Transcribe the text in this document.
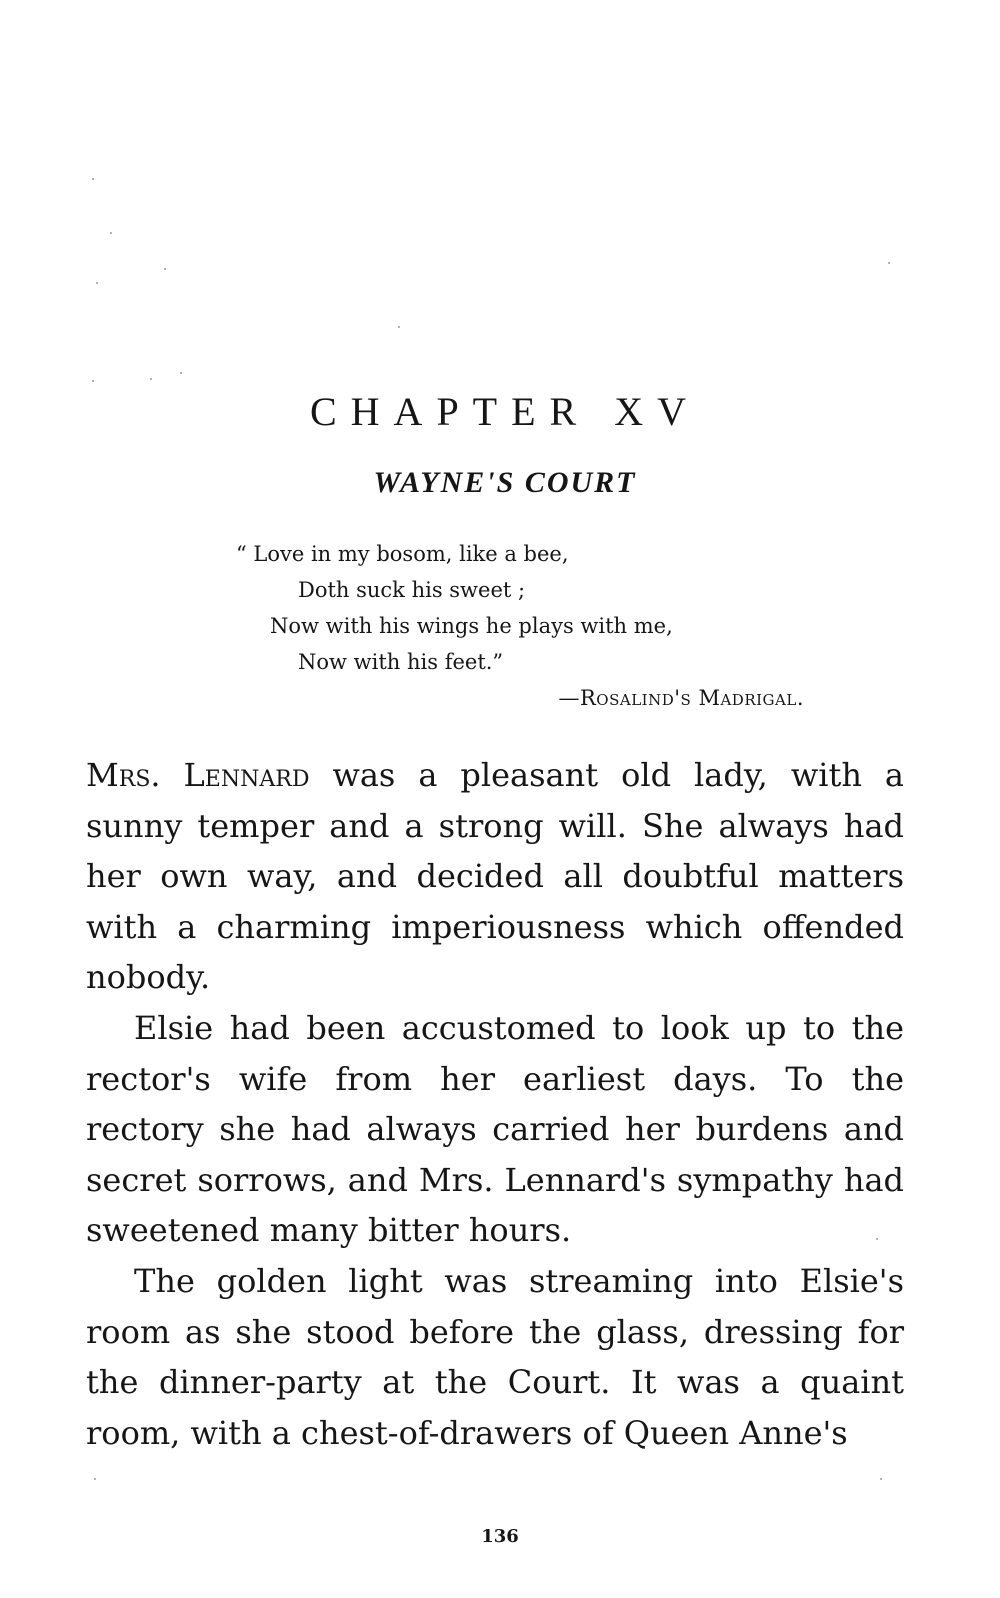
CHAPTER XV
WAYNE'S COURT
“ Love in my bosom, like a bee,
Doth suck his sweet ;
Now with his wings he plays with me,
Now with his feet.”
—Rosalind's Madrigal.

Mrs. Lennard was a pleasant old lady, with a sunny temper and a strong will. She always had her own way, and decided all doubtful matters with a charming imperiousness which offended nobody.

Elsie had been accustomed to look up to the rector's wife from her earliest days. To the rectory she had always carried her burdens and secret sorrows, and Mrs. Lennard's sympathy had sweetened many bitter hours.

The golden light was streaming into Elsie's room as she stood before the glass, dressing for the dinner-party at the Court. It was a quaint room, with a chest-of-drawers of Queen Anne's

136
